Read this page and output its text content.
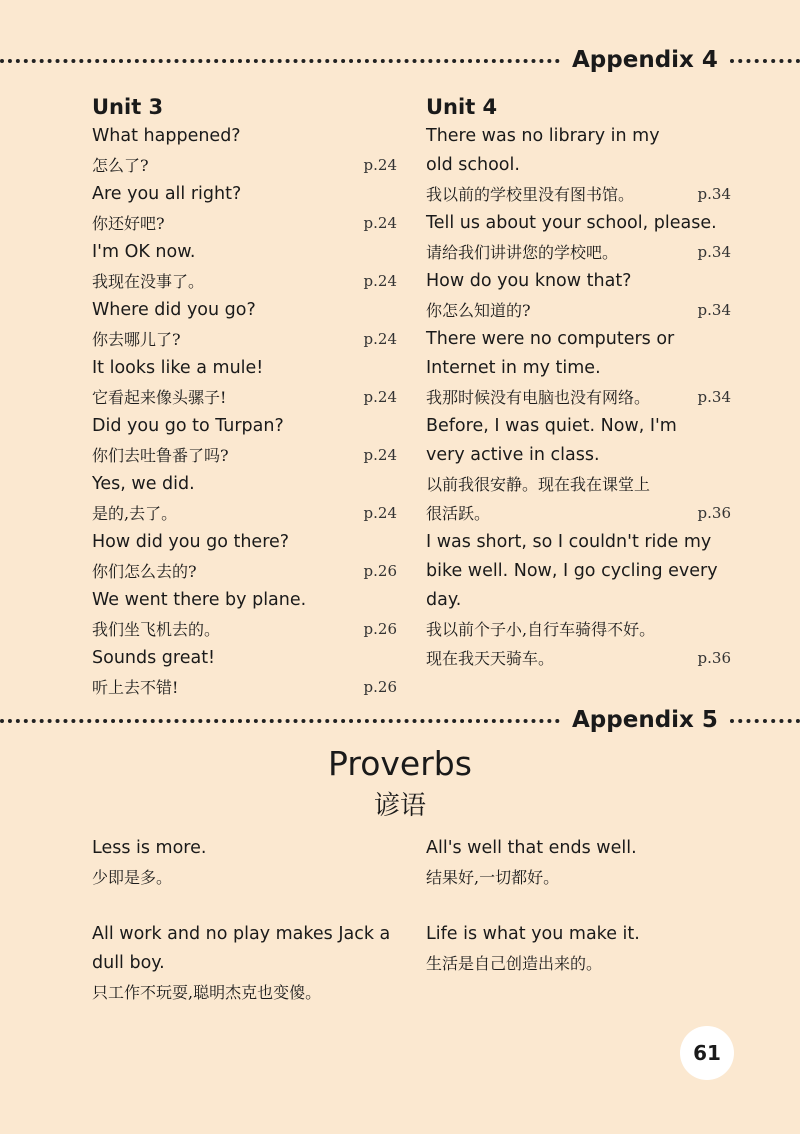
Appendix 4
Unit 3
What happened?
怎么了?	p.24
Are you all right?
你还好吧?	p.24
I'm OK now.
我现在没事了。	p.24
Where did you go?
你去哪儿了?	p.24
It looks like a mule!
它看起来像头骡子!	p.24
Did you go to Turpan?
你们去吐鲁番了吗?	p.24
Yes, we did.
是的,去了。	p.24
How did you go there?
你们怎么去的?	p.26
We went there by plane.
我们坐飞机去的。	p.26
Sounds great!
听上去不错!	p.26
Unit 4
There was no library in my
old school.
我以前的学校里没有图书馆。	p.34
Tell us about your school, please.
请给我们讲讲您的学校吧。	p.34
How do you know that?
你怎么知道的?	p.34
There were no computers or
Internet in my time.
我那时候没有电脑也没有网络。	p.34
Before, I was quiet. Now, I'm
very active in class.
以前我很安静。现在我在课堂上
很活跃。	p.36
I was short, so I couldn't ride my
bike well. Now, I go cycling every
day.
我以前个子小,自行车骑得不好。
现在我天天骑车。	p.36
Appendix 5
Proverbs
谚语
Less is more.
少即是多。
All's well that ends well.
结果好,一切都好。
All work and no play makes Jack a
dull boy.
只工作不玩耍,聪明杰克也变傻。
Life is what you make it.
生活是自己创造出来的。
61
